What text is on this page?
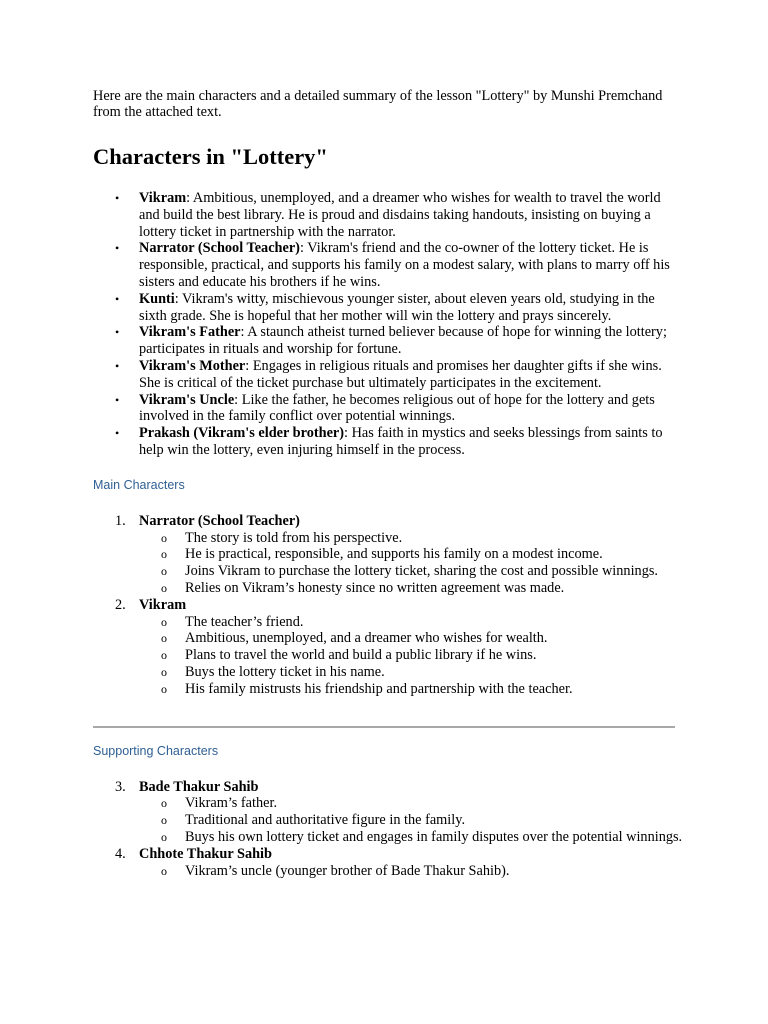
Here are the main characters and a detailed summary of the lesson "Lottery" by Munshi Premchand from the attached text.

Characters in "Lottery"
• Vikram: Ambitious, unemployed, and a dreamer who wishes for wealth to travel the world and build the best library. He is proud and disdains taking handouts, insisting on buying a lottery ticket in partnership with the narrator.
• Narrator (School Teacher): Vikram's friend and the co-owner of the lottery ticket. He is responsible, practical, and supports his family on a modest salary, with plans to marry off his sisters and educate his brothers if he wins.
• Kunti: Vikram's witty, mischievous younger sister, about eleven years old, studying in the sixth grade. She is hopeful that her mother will win the lottery and prays sincerely.
• Vikram's Father: A staunch atheist turned believer because of hope for winning the lottery; participates in rituals and worship for fortune.
• Vikram's Mother: Engages in religious rituals and promises her daughter gifts if she wins. She is critical of the ticket purchase but ultimately participates in the excitement.
• Vikram's Uncle: Like the father, he becomes religious out of hope for the lottery and gets involved in the family conflict over potential winnings.
• Prakash (Vikram's elder brother): Has faith in mystics and seeks blessings from saints to help win the lottery, even injuring himself in the process.
Main Characters
1. Narrator (School Teacher)
o The story is told from his perspective.
o He is practical, responsible, and supports his family on a modest income.
o Joins Vikram to purchase the lottery ticket, sharing the cost and possible winnings.
o Relies on Vikram’s honesty since no written agreement was made.
2. Vikram
o The teacher’s friend.
o Ambitious, unemployed, and a dreamer who wishes for wealth.
o Plans to travel the world and build a public library if he wins.
o Buys the lottery ticket in his name.
o His family mistrusts his friendship and partnership with the teacher.
Supporting Characters
3. Bade Thakur Sahib
o Vikram’s father.
o Traditional and authoritative figure in the family.
o Buys his own lottery ticket and engages in family disputes over the potential winnings.
4. Chhote Thakur Sahib
o Vikram’s uncle (younger brother of Bade Thakur Sahib).
